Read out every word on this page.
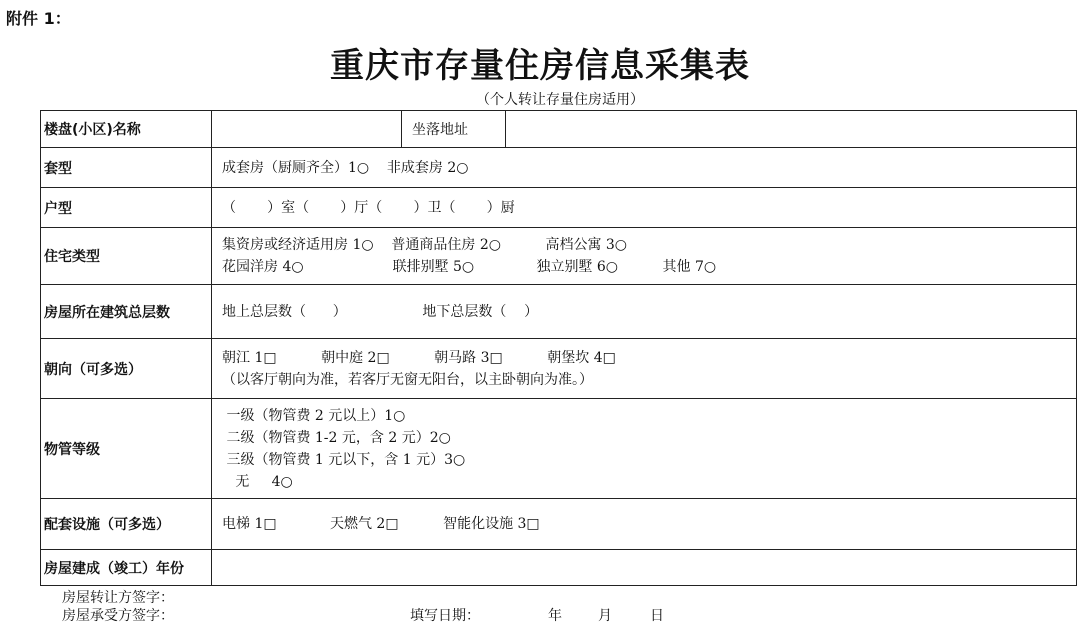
附件 1：
重庆市存量住房信息采集表
（个人转让存量住房适用）
楼盘(小区)名称		坐落地址	
套型	成套房（厨厕齐全）1○    非成套房 2○		

户型	（       ）室（       ）厅（       ）卫（       ）厨		

住宅类型	集资房或经济适用房 1○    普通商品住房 2○          高档公寓 3○
花园洋房 4○                    联排别墅 5○              独立别墅 6○          其他 7○		

房屋所在建筑总层数	地上总层数（      ）                 地下总层数（    ）		

朝向（可多选）	朝江 1□          朝中庭 2□          朝马路 3□          朝堡坎 4□
（以客厅朝向为准，若客厅无窗无阳台，以主卧朝向为准。）		

物管等级	一级（物管费 2 元以上）1○
二级（物管费 1-2 元，含 2 元）2○
三级（物管费 1 元以下，含 1 元）3○
无     4○		

配套设施（可多选）	电梯 1□            天燃气 2□          智能化设施 3□		

房屋建成（竣工）年份			
房屋转让方签字：
房屋承受方签字：	填写日期：	年	月	日
